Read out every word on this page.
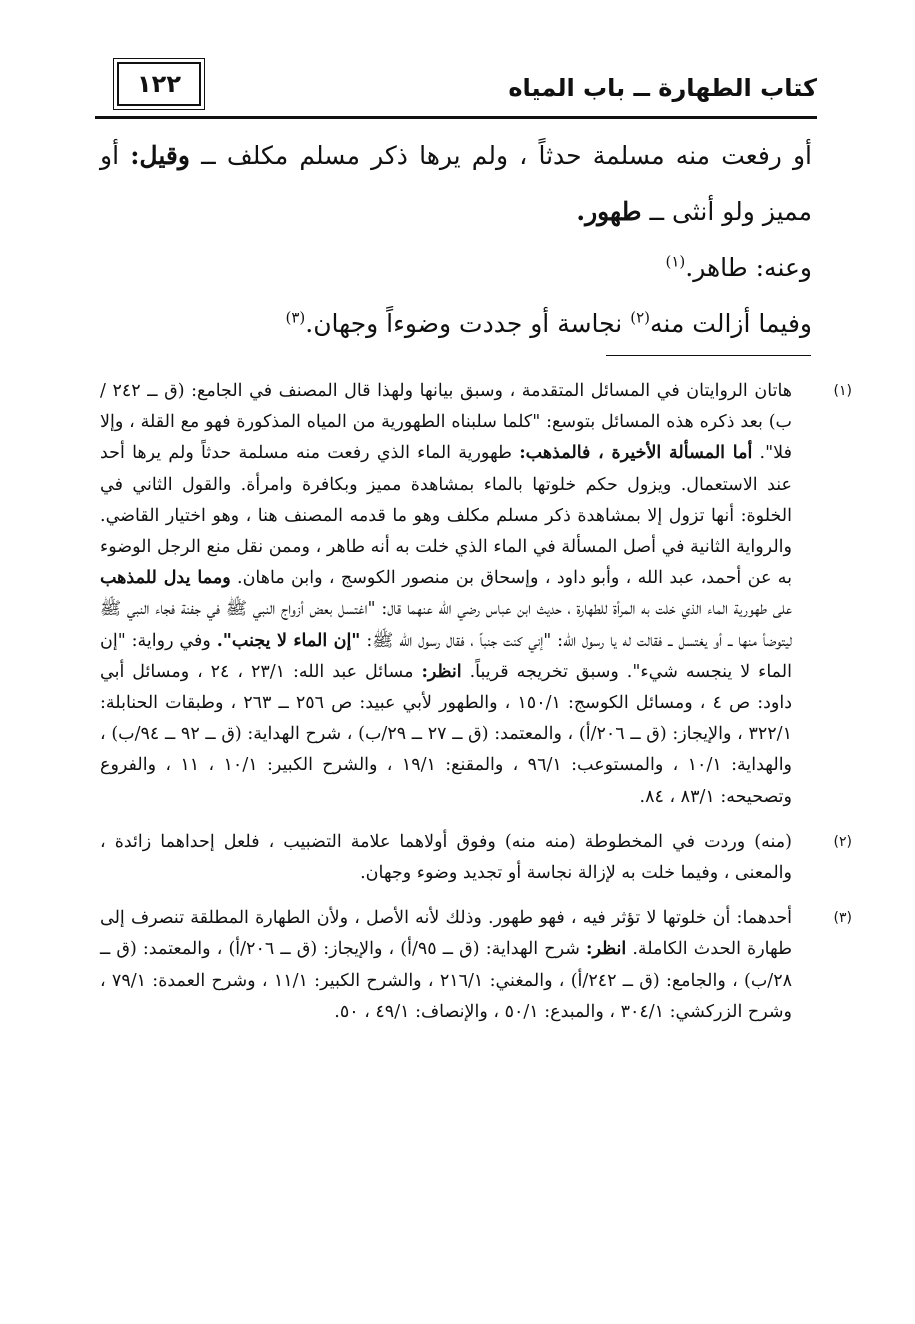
١٢٢	كتاب الطهارة ــ باب المياه

أو رفعت منه مسلمة حدثاً ، ولم يرها ذكر مسلم مكلف ــ وقيل: أو مميز ولو أنثى ــ طهور.

وعنه: طاهر.$^{(١)}$

وفيما أزالت منه$^{(٢)}$ نجاسة أو جددت وضوءاً وجهان.$^{(٣)}$

(١)
هاتان الروايتان في المسائل المتقدمة ، وسبق بيانها ولهذا قال المصنف في الجامع: (ق ــ ٢٤٢ /ب) بعد ذكره هذه المسائل بتوسع: "كلما سلبناه الطهورية من المياه المذكورة فهو مع القلة ، وإلا فلا". أما المسألة الأخيرة ، فالمذهب: طهورية الماء الذي رفعت منه مسلمة حدثاً ولم يرها أحد عند الاستعمال. ويزول حكم خلوتها بالماء بمشاهدة مميز وبكافرة وامرأة. والقول الثاني في الخلوة: أنها تزول إلا بمشاهدة ذكر مسلم مكلف وهو ما قدمه المصنف هنا ، وهو اختيار القاضي. والرواية الثانية في أصل المسألة في الماء الذي خلت به أنه طاهر ، وممن نقل منع الرجل الوضوء به عن أحمد، عبد الله ، وأبو داود ، وإسحاق بن منصور الكوسج ، وابن ماهان. ومما يدل للمذهب على طهورية الماء الذي خلت به المرأة للطهارة ، حديث ابن عباس رضي الله عنهما قال: "اغتسل بعض أزواج النبي ﷺ في جفنة فجاء النبي ﷺ ليتوضأ منها ــ أو يغتسل ــ فقالت له يا رسول الله: "إني كنت جنباً ، فقال رسول الله ﷺ: "إن الماء لا يجنب". وفي رواية: "إن الماء لا ينجسه شيء". وسبق تخريجه قريباً. انظر: مسائل عبد الله: ٢٣/١ ، ٢٤ ، ومسائل أبي داود: ص ٤ ، ومسائل الكوسج: ١٥٠/١ ، والطهور لأبي عبيد: ص ٢٥٦ ــ ٢٦٣ ، وطبقات الحنابلة: ٣٢٢/١ ، والإيجاز: (ق ــ ٢٠٦/أ) ، والمعتمد: (ق ــ ٢٧ ــ ٢٩/ب) ، شرح الهداية: (ق ــ ٩٢ ــ ٩٤/ب) ، والهداية: ١٠/١ ، والمستوعب: ٩٦/١ ، والمقنع: ١٩/١ ، والشرح الكبير: ١٠/١ ، ١١ ، والفروع وتصحيحه: ٨٣/١ ، ٨٤.
(٢)
(منه) وردت في المخطوطة (منه منه) وفوق أولاهما علامة التضبيب ، فلعل إحداهما زائدة ، والمعنى ، وفيما خلت به لإزالة نجاسة أو تجديد وضوء وجهان.
(٣)
أحدهما: أن خلوتها لا تؤثر فيه ، فهو طهور. وذلك لأنه الأصل ، ولأن الطهارة المطلقة تنصرف إلى طهارة الحدث الكاملة. انظر: شرح الهداية: (ق ــ ٩٥/أ) ، والإيجاز: (ق ــ ٢٠٦/أ) ، والمعتمد: (ق ــ ٢٨/ب) ، والجامع: (ق ــ ٢٤٢/أ) ، والمغني: ٢١٦/١ ، والشرح الكبير: ١١/١ ، وشرح العمدة: ٧٩/١ ، وشرح الزركشي: ٣٠٤/١ ، والمبدع: ٥٠/١ ، والإنصاف: ٤٩/١ ، ٥٠.
